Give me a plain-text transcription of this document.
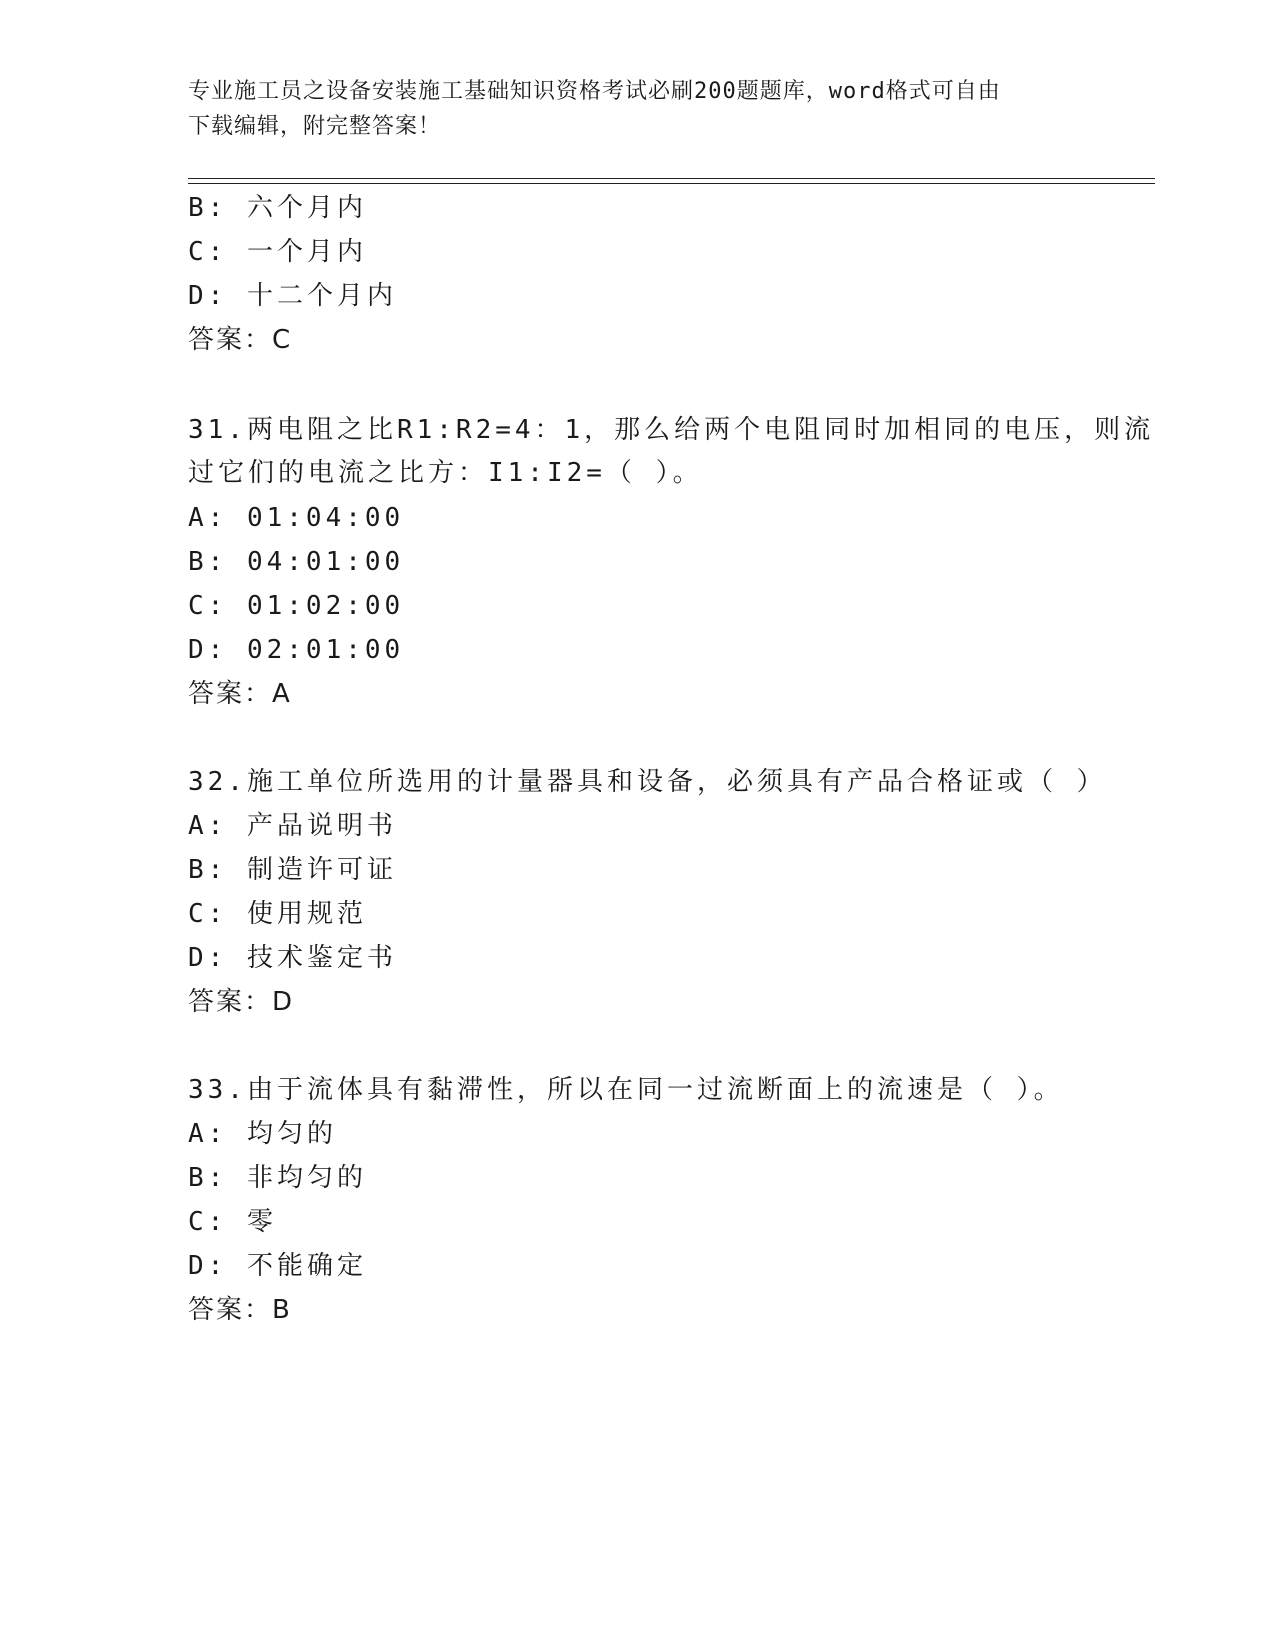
专业施工员之设备安装施工基础知识资格考试必刷200题题库，word格式可自由
下载编辑，附完整答案！
B: 六个月内
C: 一个月内
D: 十二个月内
答案：C
31.两电阻之比R1:R2=4：1，那么给两个电阻同时加相同的电压，则流
过它们的电流之比方：I1:I2=（ ）。
A: 01:04:00
B: 04:01:00
C: 01:02:00
D: 02:01:00
答案：A
32.施工单位所选用的计量器具和设备，必须具有产品合格证或（ ）
A: 产品说明书
B: 制造许可证
C: 使用规范
D: 技术鉴定书
答案：D
33.由于流体具有黏滞性，所以在同一过流断面上的流速是（ ）。
A: 均匀的
B: 非均匀的
C: 零
D: 不能确定
答案：B
